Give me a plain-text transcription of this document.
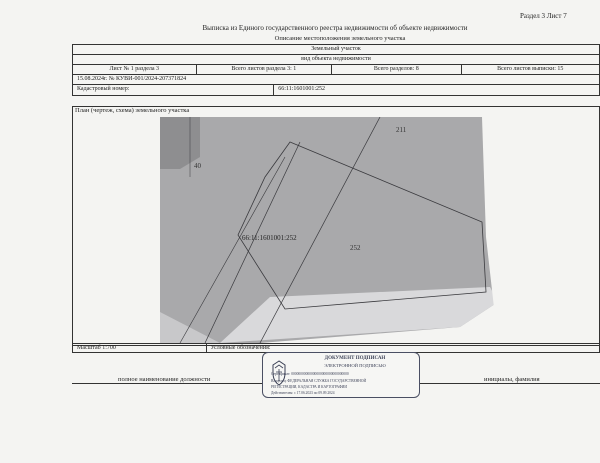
Раздел 3 Лист 7
Выписка из Единого государственного реестра недвижимости об объекте недвижимости
Описание местоположения земельного участка
Земельный участок
вид объекта недвижимости
Лист № 1 раздела 3	Всего листов раздела 3: 1	Всего разделов: 8	Всего листов выписки: 15
15.08.2024г. № КУВИ-001/2024-207371824
Кадастровый номер:	66:11:1601001:252
План (чертеж, схема) земельного участка
211
40
252
66:11:1601001:252
Масштаб 1:700	Условные обозначения:
полное наименование должности	инициалы, фамилия
ДОКУМЕНТ ПОДПИСАН
ЭЛЕКТРОННОЙ ПОДПИСЬЮ
Сертификат: 00000000000000000000000000000000
Владелец: ФЕДЕРАЛЬНАЯ СЛУЖБА ГОСУДАРСТВЕННОЙ
РЕГИСТРАЦИИ, КАДАСТРА И КАРТОГРАФИИ
Действителен: с 17.06.2023 по 09.09.2024
